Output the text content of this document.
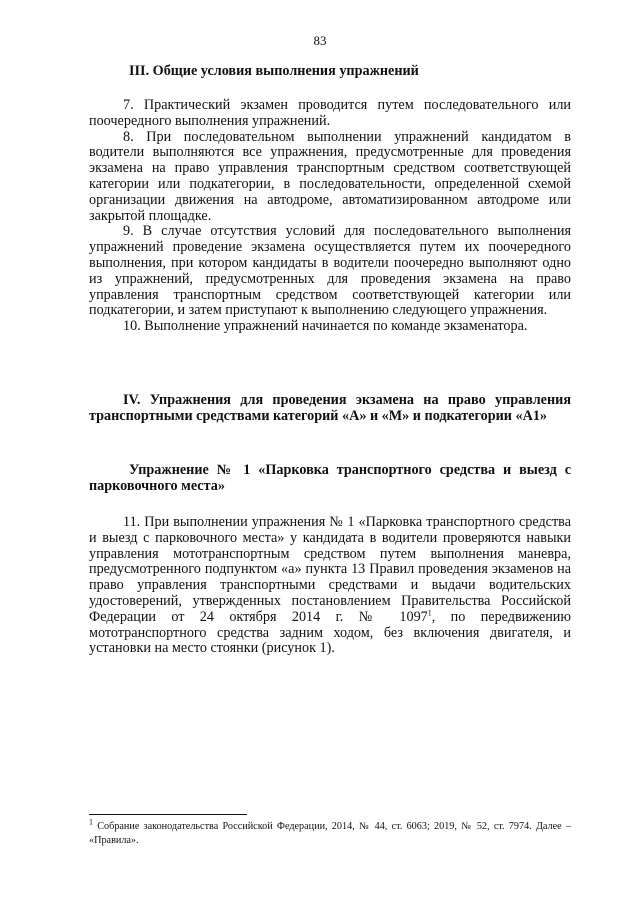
83

III. Общие условия выполнения упражнений

7. Практический экзамен проводится путем последовательного или поочередного выполнения упражнений.

8. При последовательном выполнении упражнений кандидатом в водители выполняются все упражнения, предусмотренные для проведения экзамена на право управления транспортным средством соответствующей категории или подкатегории, в последовательности, определенной схемой организации движения на автодроме, автоматизированном автодроме или закрытой площадке.

9. В случае отсутствия условий для последовательного выполнения упражнений проведение экзамена осуществляется путем их поочередного выполнения, при котором кандидаты в водители поочередно выполняют одно из упражнений, предусмотренных для проведения экзамена на право управления транспортным средством соответствующей категории или подкатегории, и затем приступают к выполнению следующего упражнения.

10. Выполнение упражнений начинается по команде экзаменатора.

IV. Упражнения для проведения экзамена на право управления транспортными средствами категорий «А» и «М» и подкатегории «А1»

Упражнение № 1 «Парковка транспортного средства и выезд с парковочного места»

11. При выполнении упражнения № 1 «Парковка транспортного средства и выезд с парковочного места» у кандидата в водители проверяются навыки управления мототранспортным средством путем выполнения маневра, предусмотренного подпунктом «а» пункта 13 Правил проведения экзаменов на право управления транспортными средствами и выдачи водительских удостоверений, утвержденных постановлением Правительства Российской Федерации от 24 октября 2014 г. № 1097$^1$, по передвижению мототранспортного средства задним ходом, без включения двигателя, и установки на место стоянки (рисунок 1).

$^1$ Собрание законодательства Российской Федерации, 2014, № 44, ст. 6063; 2019, № 52, ст. 7974. Далее – «Правила».
